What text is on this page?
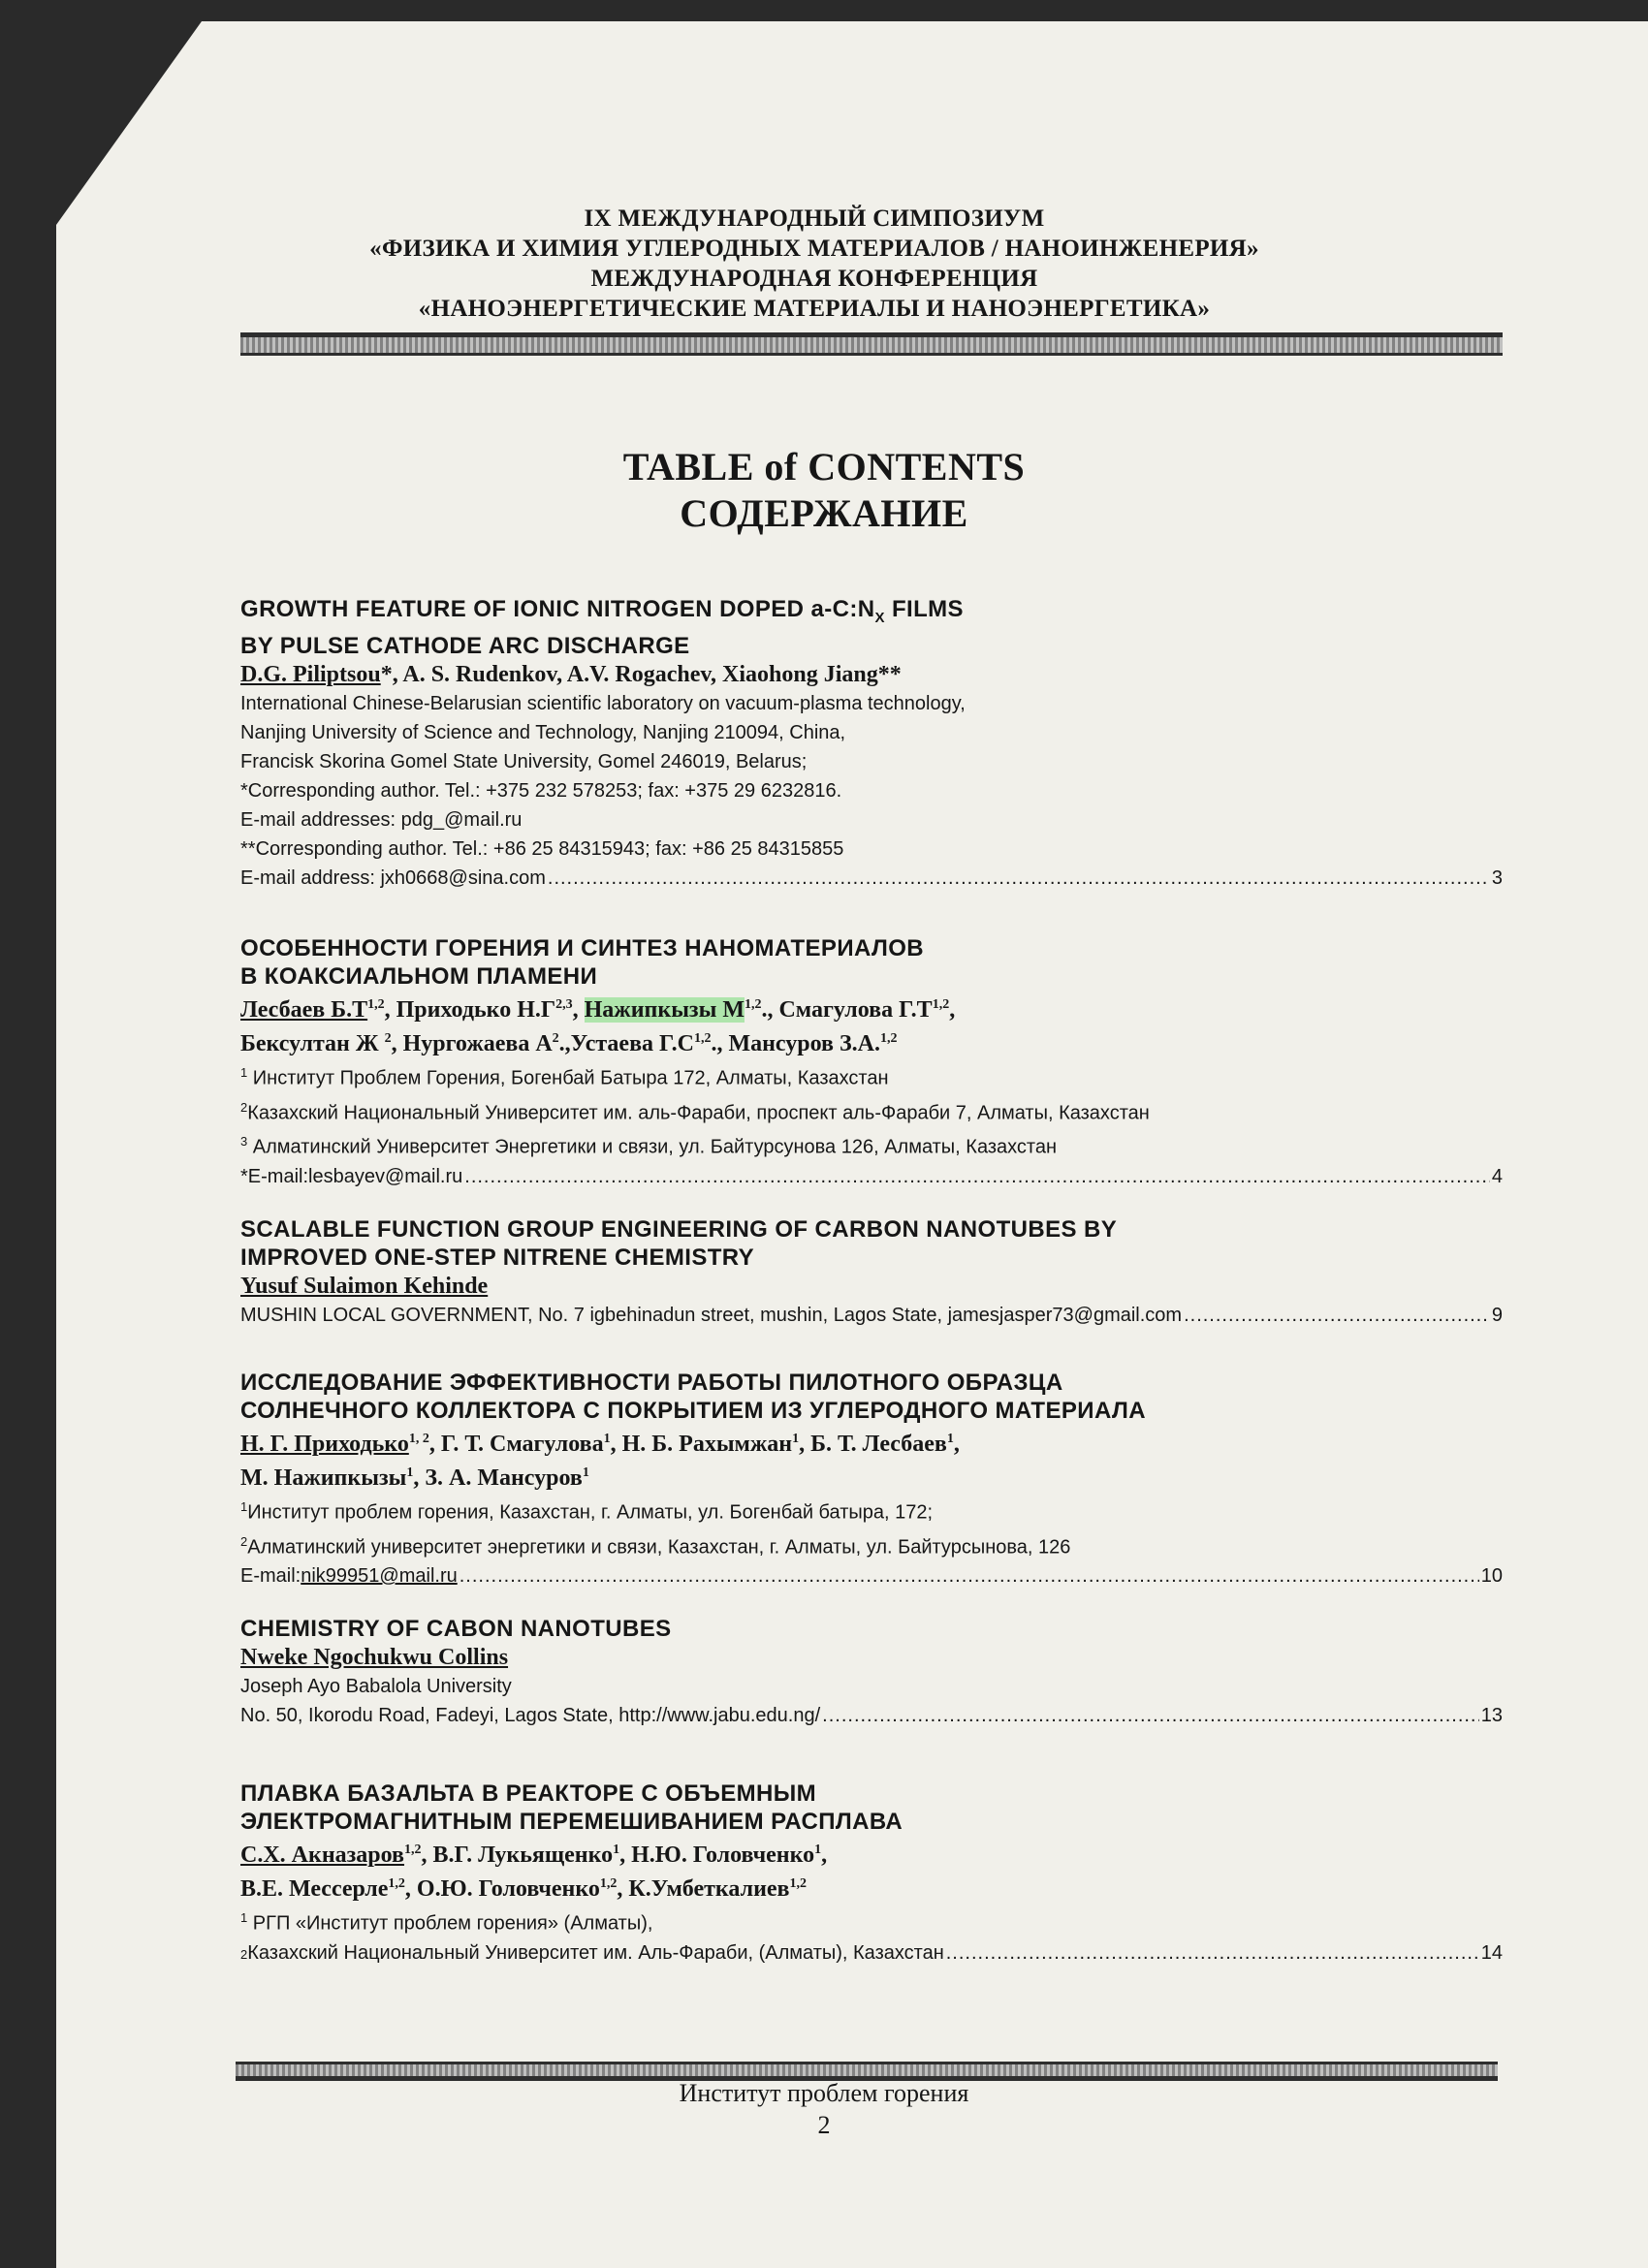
IX МЕЖДУНАРОДНЫЙ СИМПОЗИУМ
«ФИЗИКА И ХИМИЯ УГЛЕРОДНЫХ МАТЕРИАЛОВ / НАНОИНЖЕНЕРИЯ»
МЕЖДУНАРОДНАЯ КОНФЕРЕНЦИЯ
«НАНОЭНЕРГЕТИЧЕСКИЕ МАТЕРИАЛЫ И НАНОЭНЕРГЕТИКА»
TABLE of CONTENTS
СОДЕРЖАНИЕ
GROWTH FEATURE OF IONIC NITROGEN DOPED $a-C:N_X$ FILMS
BY PULSE CATHODE ARC DISCHARGE
D.G. Piliptsou*, A. S. Rudenkov, A.V. Rogachev, Xiaohong Jiang**
International Chinese-Belarusian scientific laboratory on vacuum-plasma technology,
Nanjing University of Science and Technology, Nanjing 210094, China,
Francisk Skorina Gomel State University, Gomel 246019, Belarus;
*Corresponding author. Tel.: +375 232 578253; fax: +375 29 6232816.
E-mail addresses: pdg_@mail.ru
**Corresponding author. Tel.: +86 25 84315943; fax: +86 25 84315855
E-mail address: jxh0668@sina.com .....	3
ОСОБЕННОСТИ ГОРЕНИЯ И СИНТЕЗ НАНОМАТЕРИАЛОВ
В КОАКСИАЛЬНОМ ПЛАМЕНИ
Лесбаев $Б.Т^{1,2}$, Приходько $Н.Г^{2,3}$, Нажипкызы М$^{1,2}$., Смагулова $Г.Т^{1,2}$,
Бексултан Ж $^2$, Нургожаева $А^2.,Устаева$ $Г.С^{1,2}$., Мансуров З.А.$^{1,2}$
$^1$ Институт Проблем Горения, Богенбай Батыра 172, Алматы, Казахстан
$^2$Казахский Национальный Университет им. аль-Фараби, проспект аль-Фараби 7, Алматы, Казахстан
$^3$ Алматинский Университет Энергетики и связи, ул. Байтурсунова 126, Алматы, Казахстан
*E-mail:lesbayev@mail.ru .....	4
SCALABLE FUNCTION GROUP ENGINEERING OF CARBON NANOTUBES BY
IMPROVED ONE-STEP NITRENE CHEMISTRY
Yusuf Sulaimon Kehinde
MUSHIN LOCAL GOVERNMENT, No. 7 igbehinadun street, mushin, Lagos State, jamesjasper73@gmail.com .....	9
ИССЛЕДОВАНИЕ ЭФФЕКТИВНОСТИ РАБОТЫ ПИЛОТНОГО ОБРАЗЦА
СОЛНЕЧНОГО КОЛЛЕКТОРА С ПОКРЫТИЕМ ИЗ УГЛЕРОДНОГО МАТЕРИАЛА
Н. Г. Приходько$^{1, 2}$, Г. Т. Смагулова$^1$, Н. Б. Рахымжан$^1$, Б. Т. Лесбаев$^1$,
М. Нажипкызы$^1$, З. А. Мансуров$^1$
$^1$Институт проблем горения, Казахстан, г. Алматы, ул. Богенбай батыра, 172;
$^2$Алматинский университет энергетики и связи, Казахстан, г. Алматы, ул. Байтурсынова, 126
E-mail: nik99951@mail.ru .....	10
CHEMISTRY OF CABON NANOTUBES
Nweke Ngochukwu Collins
Joseph Ayo Babalola University
No. 50, Ikorodu Road, Fadeyi, Lagos State, http://www.jabu.edu.ng/ .....	13
ПЛАВКА БАЗАЛЬТА В РЕАКТОРЕ С ОБЪЕМНЫМ
ЭЛЕКТРОМАГНИТНЫМ ПЕРЕМЕШИВАНИЕМ РАСПЛАВА
С.Х. Акназаров$^{1,2}$, В.Г. Лукьященко$^1$, Н.Ю. Головченко$^1$,
В.Е. Мессерле$^{1,2}$, О.Ю. Головченко$^{1,2}$, К.Умбеткалиев$^{1,2}$
$^1$ РГП «Институт проблем горения» (Алматы),
2 Казахский Национальный Университет им. Аль-Фараби, (Алматы), Казахстан .....	14
Институт проблем горения
2
